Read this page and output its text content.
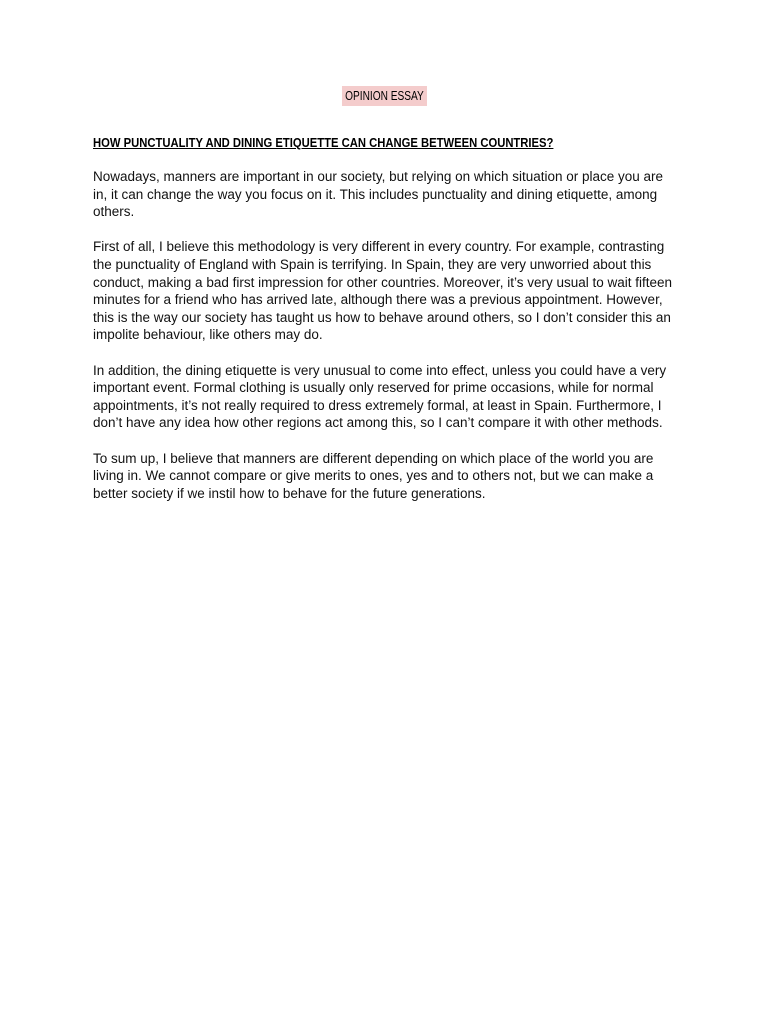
OPINION ESSAY
HOW PUNCTUALITY AND DINING ETIQUETTE CAN CHANGE BETWEEN COUNTRIES?

Nowadays, manners are important in our society, but relying on which situation or place you are in, it can change the way you focus on it. This includes punctuality and dining etiquette, among others.

First of all, I believe this methodology is very different in every country. For example, contrasting the punctuality of England with Spain is terrifying. In Spain, they are very unworried about this conduct, making a bad first impression for other countries. Moreover, it’s very usual to wait fifteen minutes for a friend who has arrived late, although there was a previous appointment. However, this is the way our society has taught us how to behave around others, so I don’t consider this an impolite behaviour, like others may do.

In addition, the dining etiquette is very unusual to come into effect, unless you could have a very important event. Formal clothing is usually only reserved for prime occasions, while for normal appointments, it’s not really required to dress extremely formal, at least in Spain. Furthermore, I don’t have any idea how other regions act among this, so I can’t compare it with other methods.

To sum up, I believe that manners are different depending on which place of the world you are living in. We cannot compare or give merits to ones, yes and to others not, but we can make a better society if we instil how to behave for the future generations.
